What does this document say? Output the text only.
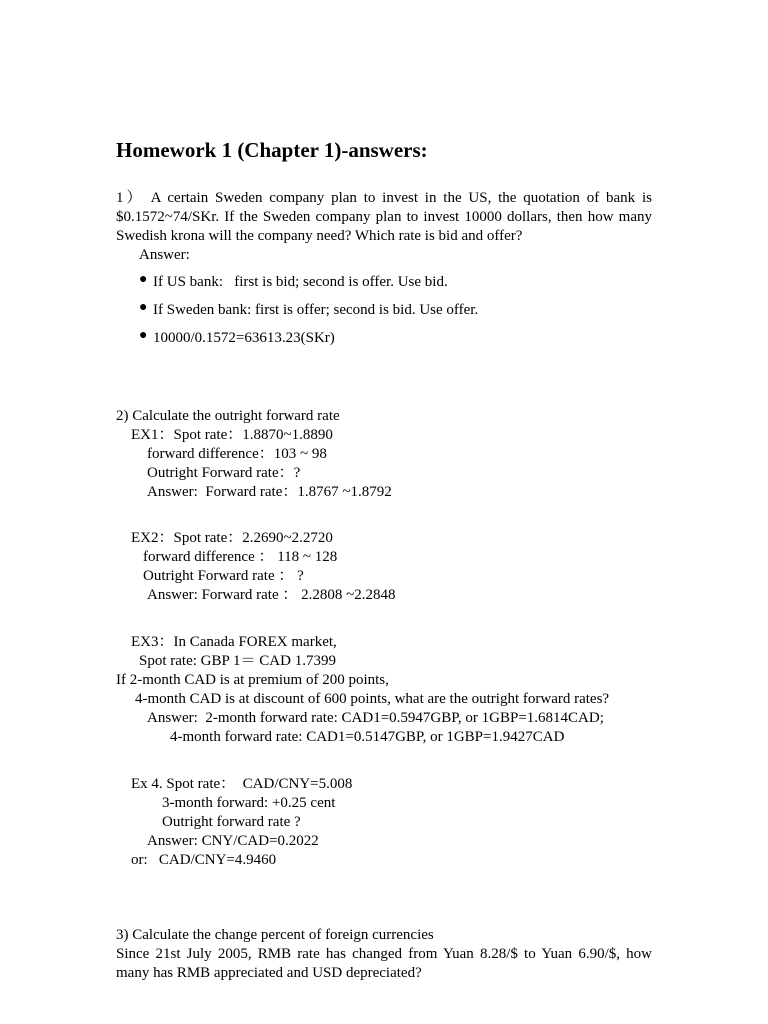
Homework 1 (Chapter 1)-answers:
1） A certain Sweden company plan to invest in the US, the quotation of bank is $0.1572~74/SKr. If the Sweden company plan to invest 10000 dollars, then how many Swedish krona will the company need? Which rate is bid and offer?
Answer:
● If US bank:   first is bid; second is offer. Use bid.
● If Sweden bank: first is offer; second is bid. Use offer.
● 10000/0.1572=63613.23(SKr)
2) Calculate the outright forward rate
EX1：Spot rate：1.8870~1.8890
forward difference：103 ~ 98
Outright Forward rate：?
Answer:  Forward rate：1.8767 ~1.8792
EX2：Spot rate：2.2690~2.2720
forward difference ： 118 ~ 128
Outright Forward rate ： ?
Answer: Forward rate ： 2.2808 ~2.2848
EX3：In Canada FOREX market,
Spot rate: GBP 1＝ CAD 1.7399
If 2-month CAD is at premium of 200 points,
4-month CAD is at discount of 600 points, what are the outright forward rates?
Answer:  2-month forward rate: CAD1=0.5947GBP, or 1GBP=1.6814CAD;
4-month forward rate: CAD1=0.5147GBP, or 1GBP=1.9427CAD
Ex 4. Spot rate：  CAD/CNY=5.008
3-month forward: +0.25 cent
Outright forward rate ?
Answer: CNY/CAD=0.2022
or:   CAD/CNY=4.9460
3) Calculate the change percent of foreign currencies
Since 21st July 2005, RMB rate has changed from Yuan 8.28/$ to Yuan 6.90/$, how many has RMB appreciated and USD depreciated?
